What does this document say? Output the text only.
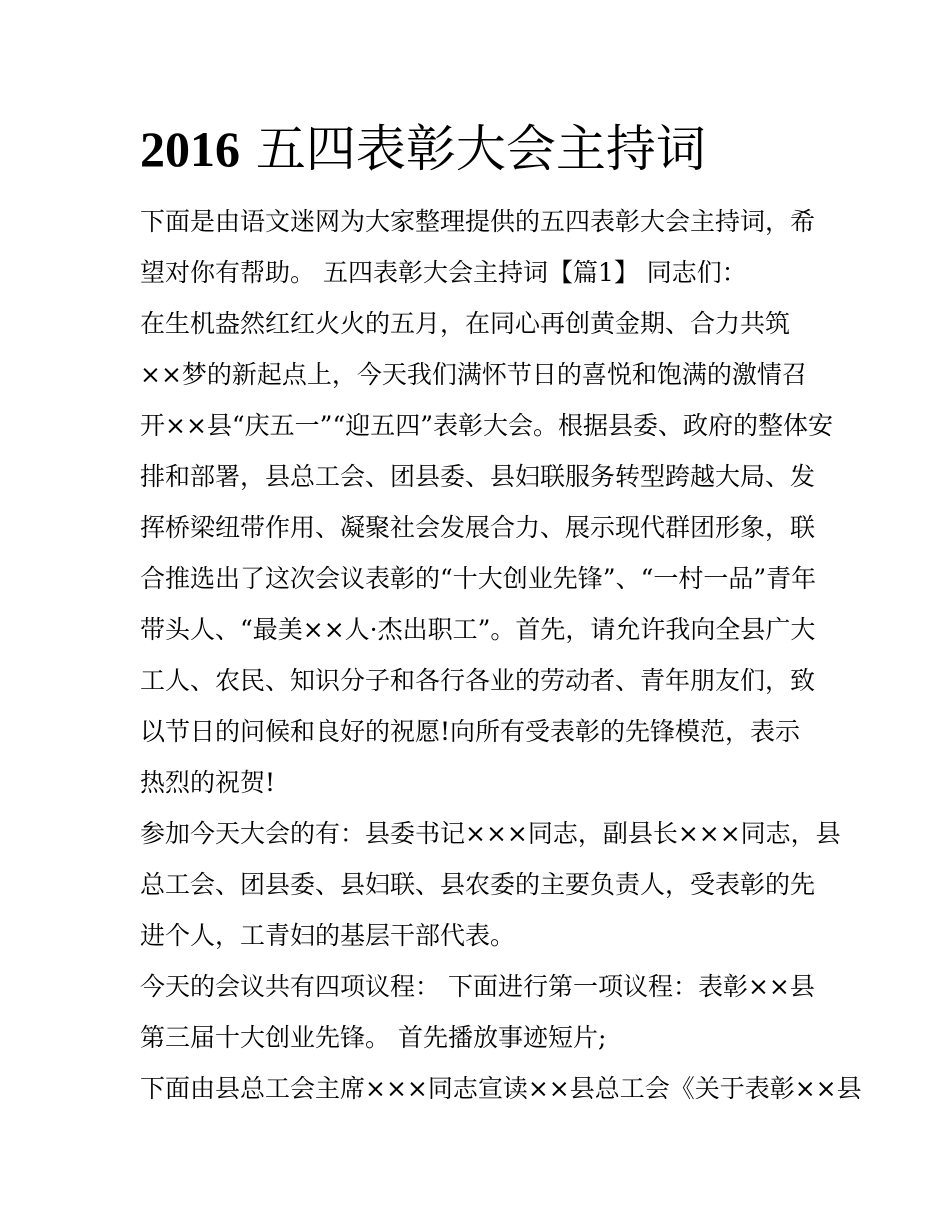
2016 五四表彰大会主持词
下面是由语文迷网为大家整理提供的五四表彰大会主持词，希
望对你有帮助。 五四表彰大会主持词【篇1】 同志们：
在生机盎然红红火火的五月，在同心再创黄金期、合力共筑
××梦的新起点上，今天我们满怀节日的喜悦和饱满的激情召
开××县“庆五一”“迎五四”表彰大会。根据县委、政府的整体安
排和部署，县总工会、团县委、县妇联服务转型跨越大局、发
挥桥梁纽带作用、凝聚社会发展合力、展示现代群团形象，联
合推选出了这次会议表彰的“十大创业先锋”、“一村一品”青年
带头人、“最美××人·杰出职工”。首先，请允许我向全县广大
工人、农民、知识分子和各行各业的劳动者、青年朋友们，致
以节日的问候和良好的祝愿!向所有受表彰的先锋模范，表示
热烈的祝贺!
参加今天大会的有：县委书记×××同志，副县长×××同志，县
总工会、团县委、县妇联、县农委的主要负责人，受表彰的先
进个人，工青妇的基层干部代表。
今天的会议共有四项议程： 下面进行第一项议程：表彰××县
第三届十大创业先锋。 首先播放事迹短片;
下面由县总工会主席×××同志宣读××县总工会《关于表彰××县
